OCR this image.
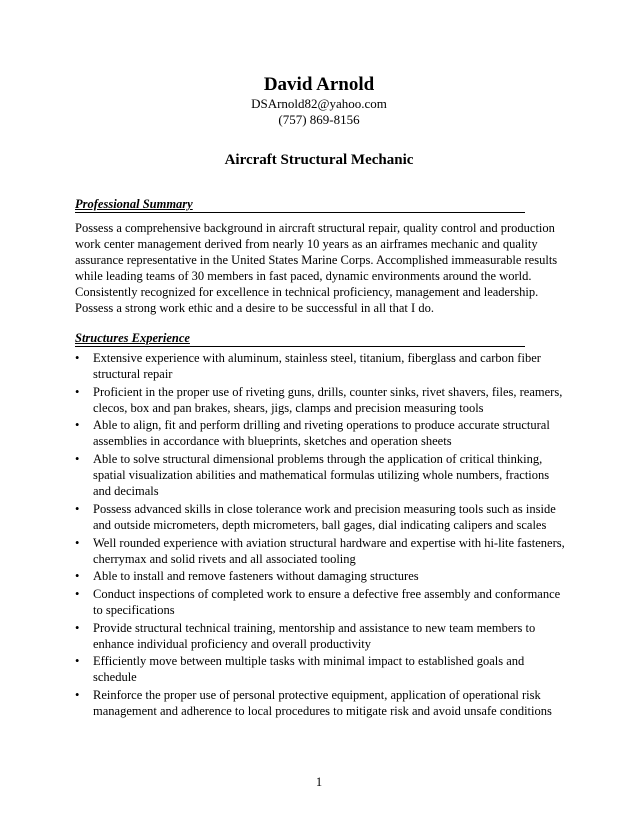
David Arnold
DSArnold82@yahoo.com
(757) 869-8156
Aircraft Structural Mechanic
Professional Summary

Possess a comprehensive background in aircraft structural repair, quality control and production work center management derived from nearly 10 years as an airframes mechanic and quality assurance representative in the United States Marine Corps. Accomplished immeasurable results while leading teams of 30 members in fast paced, dynamic environments around the world. Consistently recognized for excellence in technical proficiency, management and leadership. Possess a strong work ethic and a desire to be successful in all that I do.

Structures Experience
•	Extensive experience with aluminum, stainless steel, titanium, fiberglass and carbon fiber structural repair
•	Proficient in the proper use of riveting guns, drills, counter sinks, rivet shavers, files, reamers, clecos, box and pan brakes, shears, jigs, clamps and precision measuring tools
•	Able to align, fit and perform drilling and riveting operations to produce accurate structural assemblies in accordance with blueprints, sketches and operation sheets
•	Able to solve structural dimensional problems through the application of critical thinking, spatial visualization abilities and mathematical formulas utilizing whole numbers, fractions and decimals
•	Possess advanced skills in close tolerance work and precision measuring tools such as inside and outside micrometers, depth micrometers, ball gages, dial indicating calipers and scales
•	Well rounded experience with aviation structural hardware and expertise with hi-lite fasteners, cherrymax and solid rivets and all associated tooling
•	Able to install and remove fasteners without damaging structures
•	Conduct inspections of completed work to ensure a defective free assembly and conformance to specifications
•	Provide structural technical training, mentorship and assistance to new team members to enhance individual proficiency and overall productivity
•	Efficiently move between multiple tasks with minimal impact to established goals and schedule
•	Reinforce the proper use of personal protective equipment, application of operational risk management and adherence to local procedures to mitigate risk and avoid unsafe conditions
1
